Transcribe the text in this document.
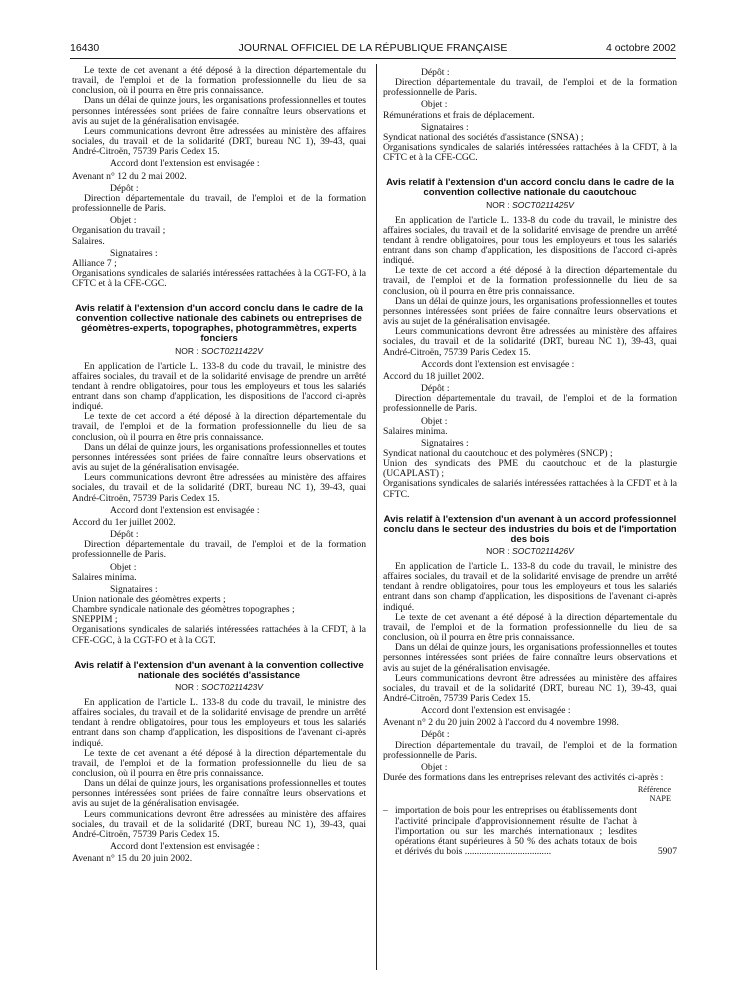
16430	JOURNAL OFFICIEL DE LA RÉPUBLIQUE FRANÇAISE	4 octobre 2002

Le texte de cet avenant a été déposé à la direction départementale du travail, de l'emploi et de la formation professionnelle du lieu de sa conclusion, où il pourra en être pris connaissance.

Dans un délai de quinze jours, les organisations professionnelles et toutes personnes intéressées sont priées de faire connaître leurs observations et avis au sujet de la généralisation envisagée.

Leurs communications devront être adressées au ministère des affaires sociales, du travail et de la solidarité (DRT, bureau NC 1), 39-43, quai André-Citroën, 75739 Paris Cedex 15.

Accord dont l'extension est envisagée :

Avenant n° 12 du 2 mai 2002.

Dépôt :

Direction départementale du travail, de l'emploi et de la formation professionnelle de Paris.

Objet :

Organisation du travail ;

Salaires.

Signataires :

Alliance 7 ;

Organisations syndicales de salariés intéressées rattachées à la CGT-FO, à la CFTC et à la CFE-CGC.

Avis relatif à l'extension d'un accord conclu dans le cadre de la convention collective nationale des cabinets ou entreprises de géomètres-experts, topographes, photogrammètres, experts fonciers

NOR : SOCT0211422V

En application de l'article L. 133-8 du code du travail, le ministre des affaires sociales, du travail et de la solidarité envisage de prendre un arrêté tendant à rendre obligatoires, pour tous les employeurs et tous les salariés entrant dans son champ d'application, les dispositions de l'accord ci-après indiqué.

Le texte de cet accord a été déposé à la direction départementale du travail, de l'emploi et de la formation professionnelle du lieu de sa conclusion, où il pourra en être pris connaissance.

Dans un délai de quinze jours, les organisations professionnelles et toutes personnes intéressées sont priées de faire connaître leurs observations et avis au sujet de la généralisation envisagée.

Leurs communications devront être adressées au ministère des affaires sociales, du travail et de la solidarité (DRT, bureau NC 1), 39-43, quai André-Citroën, 75739 Paris Cedex 15.

Accord dont l'extension est envisagée :

Accord du 1er juillet 2002.

Dépôt :

Direction départementale du travail, de l'emploi et de la formation professionnelle de Paris.

Objet :

Salaires minima.

Signataires :

Union nationale des géomètres experts ;

Chambre syndicale nationale des géomètres topographes ;

SNEPPIM ;

Organisations syndicales de salariés intéressées rattachées à la CFDT, à la CFE-CGC, à la CGT-FO et à la CGT.

Avis relatif à l'extension d'un avenant à la convention collective nationale des sociétés d'assistance

NOR : SOCT0211423V

En application de l'article L. 133-8 du code du travail, le ministre des affaires sociales, du travail et de la solidarité envisage de prendre un arrêté tendant à rendre obligatoires, pour tous les employeurs et tous les salariés entrant dans son champ d'application, les dispositions de l'avenant ci-après indiqué.

Le texte de cet avenant a été déposé à la direction départementale du travail, de l'emploi et de la formation professionnelle du lieu de sa conclusion, où il pourra en être pris connaissance.

Dans un délai de quinze jours, les organisations professionnelles et toutes personnes intéressées sont priées de faire connaître leurs observations et avis au sujet de la généralisation envisagée.

Leurs communications devront être adressées au ministère des affaires sociales, du travail et de la solidarité (DRT, bureau NC 1), 39-43, quai André-Citroën, 75739 Paris Cedex 15.

Accord dont l'extension est envisagée :

Avenant n° 15 du 20 juin 2002.

Dépôt :

Direction départementale du travail, de l'emploi et de la formation professionnelle de Paris.

Objet :

Rémunérations et frais de déplacement.

Signataires :

Syndicat national des sociétés d'assistance (SNSA) ;

Organisations syndicales de salariés intéressées rattachées à la CFDT, à la CFTC et à la CFE-CGC.

Avis relatif à l'extension d'un accord conclu dans le cadre de la convention collective nationale du caoutchouc

NOR : SOCT0211425V

En application de l'article L. 133-8 du code du travail, le ministre des affaires sociales, du travail et de la solidarité envisage de prendre un arrêté tendant à rendre obligatoires, pour tous les employeurs et tous les salariés entrant dans son champ d'application, les dispositions de l'accord ci-après indiqué.

Le texte de cet accord a été déposé à la direction départementale du travail, de l'emploi et de la formation professionnelle du lieu de sa conclusion, où il pourra en être pris connaissance.

Dans un délai de quinze jours, les organisations professionnelles et toutes personnes intéressées sont priées de faire connaître leurs observations et avis au sujet de la généralisation envisagée.

Leurs communications devront être adressées au ministère des affaires sociales, du travail et de la solidarité (DRT, bureau NC 1), 39-43, quai André-Citroën, 75739 Paris Cedex 15.

Accords dont l'extension est envisagée :

Accord du 18 juillet 2002.

Dépôt :

Direction départementale du travail, de l'emploi et de la formation professionnelle de Paris.

Objet :

Salaires minima.

Signataires :

Syndicat national du caoutchouc et des polymères (SNCP) ;

Union des syndicats des PME du caoutchouc et de la plasturgie (UCAPLAST) ;

Organisations syndicales de salariés intéressées rattachées à la CFDT et à la CFTC.

Avis relatif à l'extension d'un avenant à un accord professionnel conclu dans le secteur des industries du bois et de l'importation des bois

NOR : SOCT0211426V

En application de l'article L. 133-8 du code du travail, le ministre des affaires sociales, du travail et de la solidarité envisage de prendre un arrêté tendant à rendre obligatoires, pour tous les employeurs et tous les salariés entrant dans son champ d'application, les dispositions de l'avenant ci-après indiqué.

Le texte de cet avenant a été déposé à la direction départementale du travail, de l'emploi et de la formation professionnelle du lieu de sa conclusion, où il pourra en être pris connaissance.

Dans un délai de quinze jours, les organisations professionnelles et toutes personnes intéressées sont priées de faire connaître leurs observations et avis au sujet de la généralisation envisagée.

Leurs communications devront être adressées au ministère des affaires sociales, du travail et de la solidarité (DRT, bureau NC 1), 39-43, quai André-Citroën, 75739 Paris Cedex 15.

Accord dont l'extension est envisagée :

Avenant n° 2 du 20 juin 2002 à l'accord du 4 novembre 1998.

Dépôt :

Direction départementale du travail, de l'emploi et de la formation professionnelle de Paris.

Objet :

Durée des formations dans les entreprises relevant des activités ci-après :

Référence
NAPE

– importation de bois pour les entreprises ou établissements dont l'activité principale d'approvisionnement résulte de l'achat à l'importation ou sur les marchés internationaux ; lesdites opérations étant supérieures à 50 % des achats totaux de bois et dérivés du bois ....................................	5907
